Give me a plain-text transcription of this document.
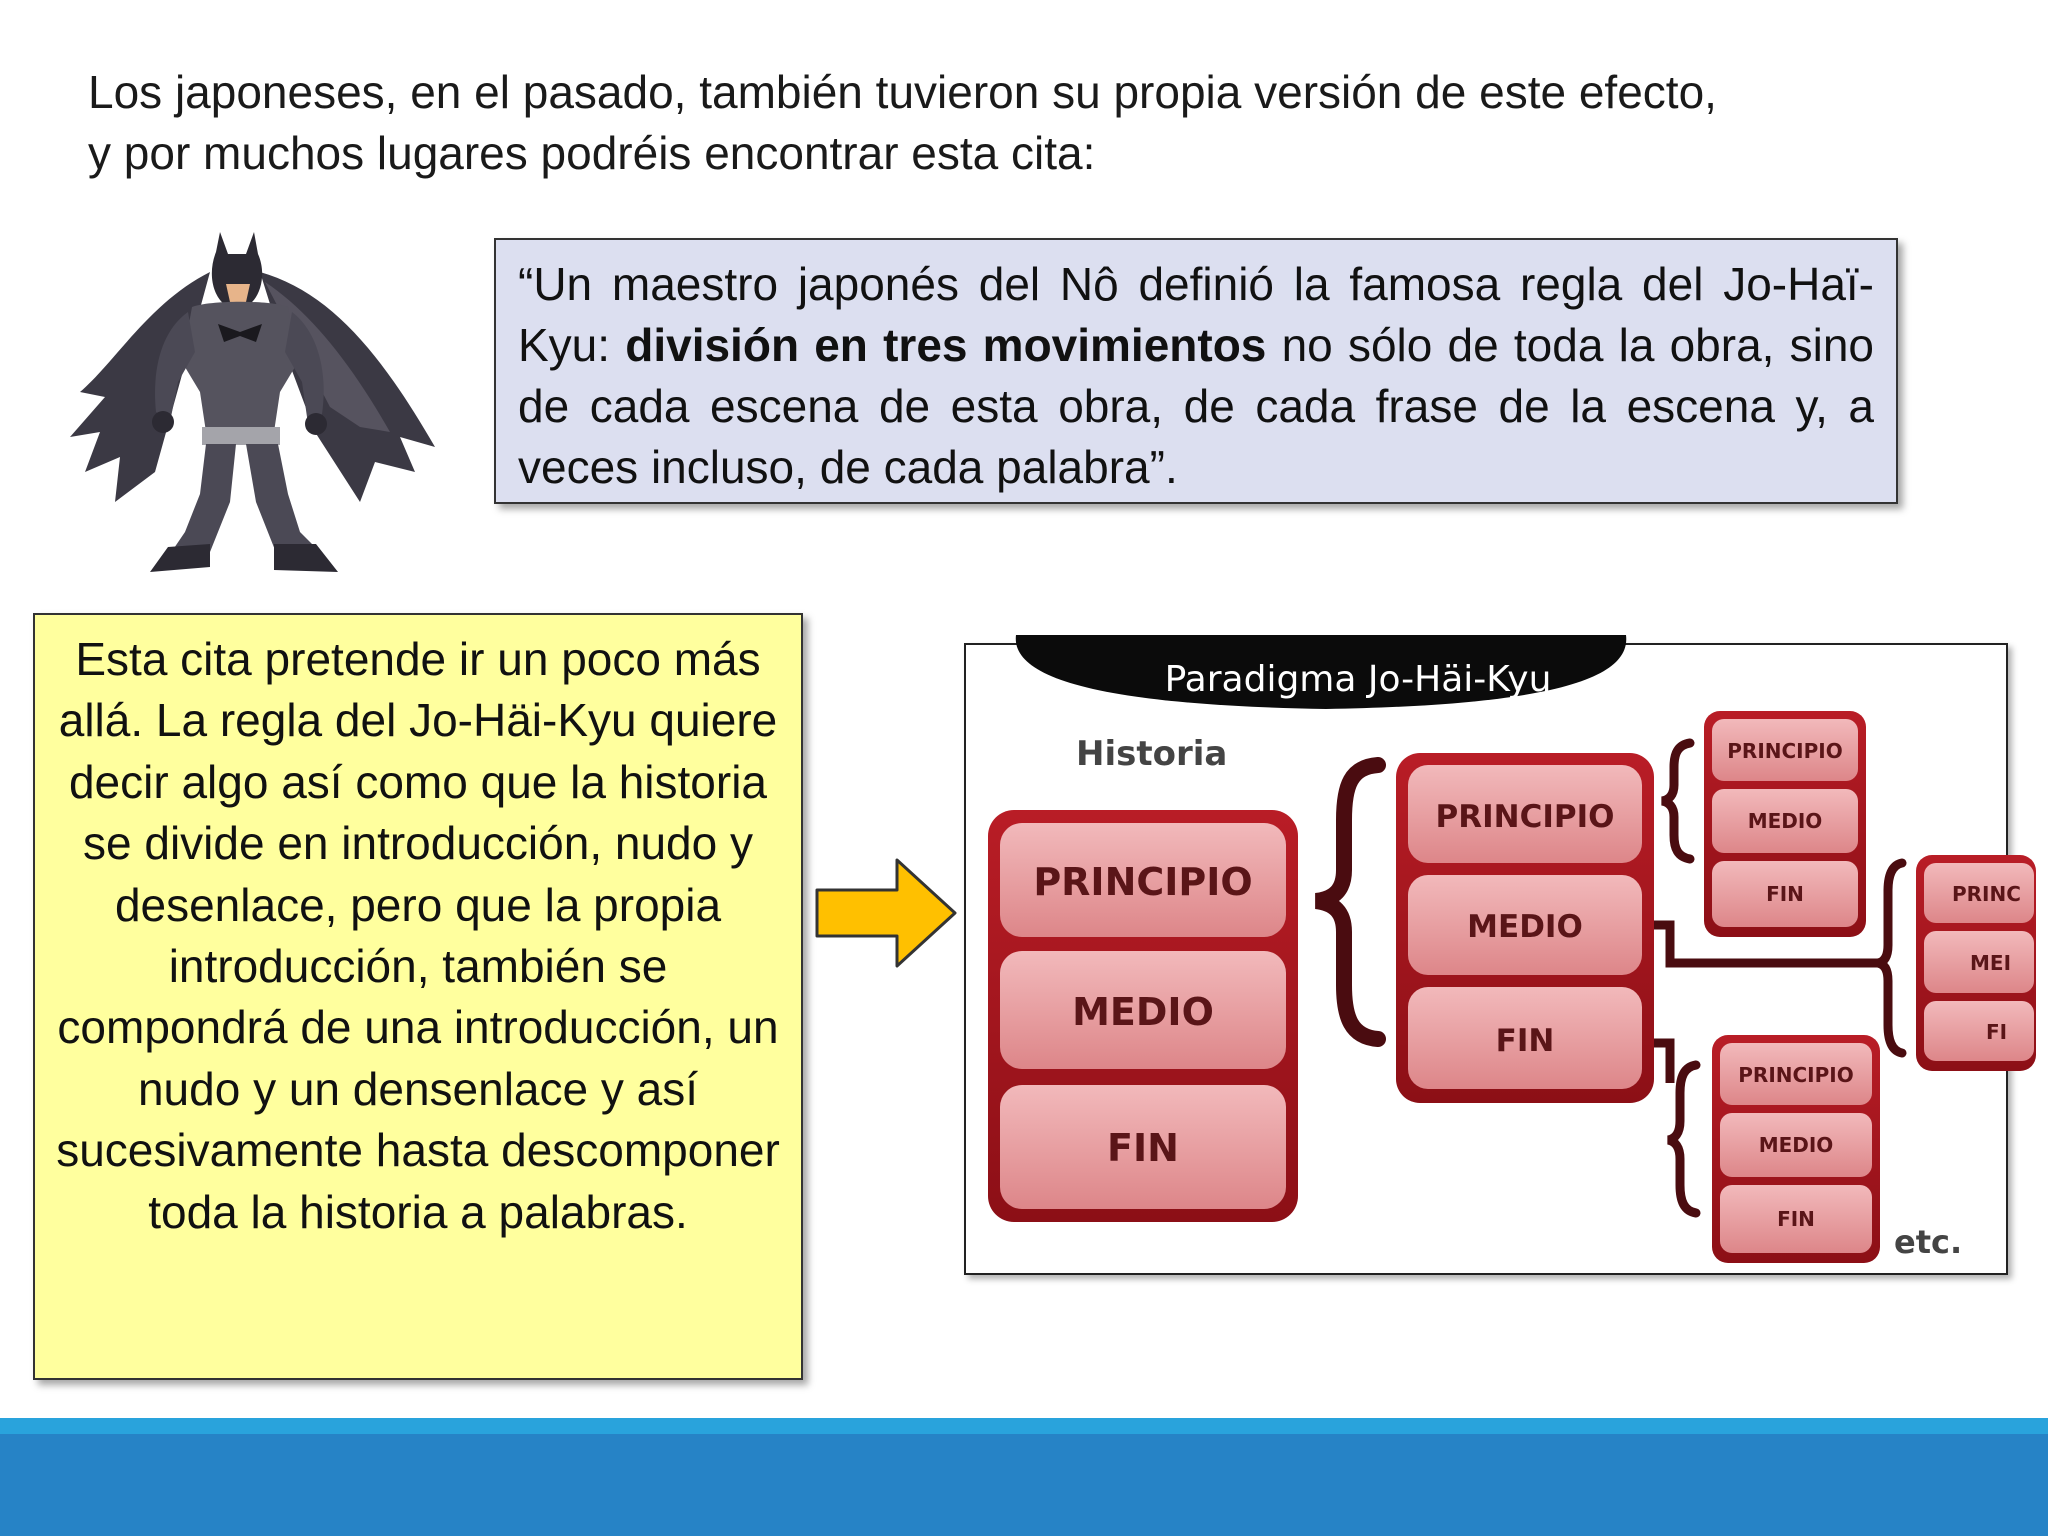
Los japoneses, en el pasado, también tuvieron su propia versión de este efecto,
y por muchos lugares podréis encontrar esta cita:

“Un maestro japonés del Nô definió la famosa regla del Jo-Haï-Kyu: división en tres movimientos no sólo de toda la obra, sino de cada escena de esta obra, de cada frase de la escena y, a veces incluso, de cada palabra”.
Esta cita pretende ir un poco más allá. La regla del Jo-Häi-Kyu quiere decir algo así como que la historia se divide en introducción, nudo y desenlace, pero que la propia introducción, también se compondrá de una introducción, un nudo y un densenlace y así sucesivamente hasta descomponer toda la historia a palabras.
Paradigma Jo-Häi-Kyu
Historia
PRINCIPIO
MEDIO
FIN
PRINCIPIO
MEDIO
FIN
PRINCIPIO
MEDIO
FIN	PRINC
MEI
FI
PRINCIPIO
MEDIO
FIN
etc.
